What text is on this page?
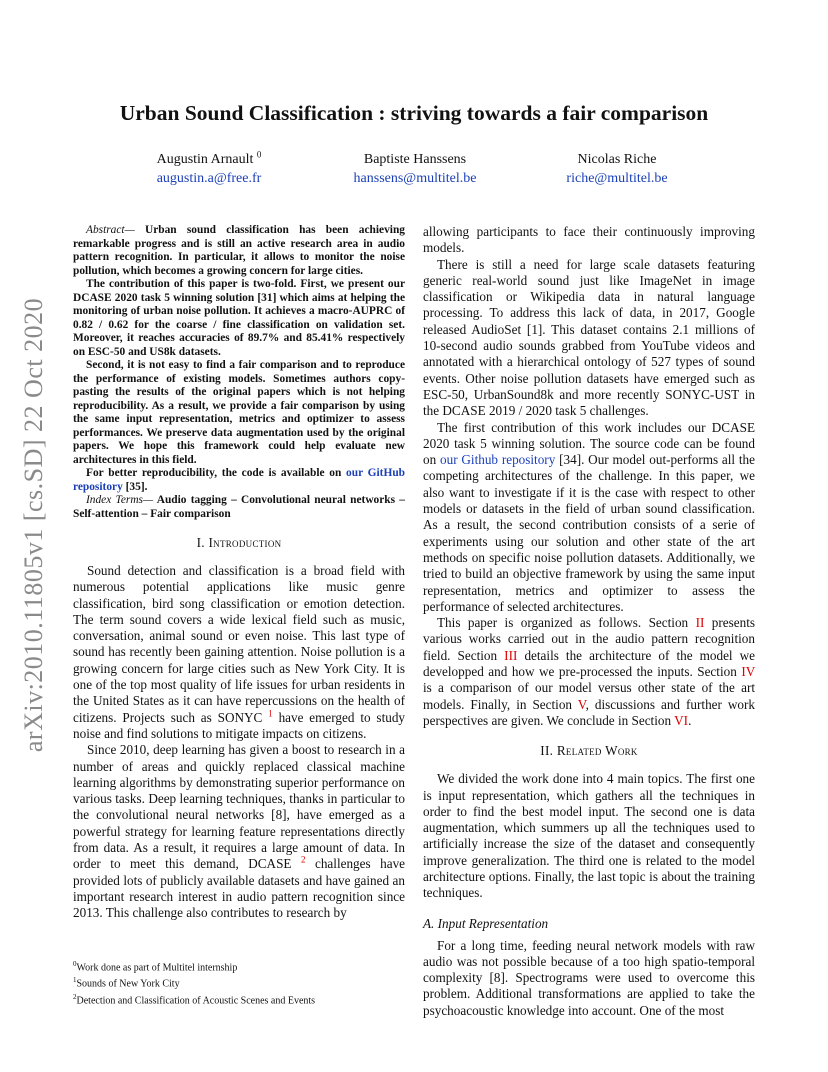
arXiv:2010.11805v1 [cs.SD] 22 Oct 2020
Urban Sound Classification : striving towards a fair comparison
Augustin Arnault $^0$
augustin.a@free.fr
Baptiste Hanssens
hanssens@multitel.be
Nicolas Riche
riche@multitel.be

Abstract— Urban sound classification has been achieving remarkable progress and is still an active research area in audio pattern recognition. In particular, it allows to monitor the noise pollution, which becomes a growing concern for large cities.

The contribution of this paper is two-fold. First, we present our DCASE 2020 task 5 winning solution [31] which aims at helping the monitoring of urban noise pollution. It achieves a macro-AUPRC of 0.82 / 0.62 for the coarse / fine classification on validation set. Moreover, it reaches accuracies of 89.7% and 85.41% respectively on ESC-50 and US8k datasets.

Second, it is not easy to find a fair comparison and to reproduce the performance of existing models. Sometimes authors copy-pasting the results of the original papers which is not helping reproducibility. As a result, we provide a fair comparison by using the same input representation, metrics and optimizer to assess performances. We preserve data augmentation used by the original papers. We hope this framework could help evaluate new architectures in this field.

For better reproducibility, the code is available on our GitHub repository [35].

Index Terms— Audio tagging – Convolutional neural networks – Self-attention – Fair comparison

I. Introduction

Sound detection and classification is a broad field with numerous potential applications like music genre classification, bird song classification or emotion detection. The term sound covers a wide lexical field such as music, conversation, animal sound or even noise. This last type of sound has recently been gaining attention. Noise pollution is a growing concern for large cities such as New York City. It is one of the top most quality of life issues for urban residents in the United States as it can have repercussions on the health of citizens. Projects such as SONYC $^1$ have emerged to study noise and find solutions to mitigate impacts on citizens.

Since 2010, deep learning has given a boost to research in a number of areas and quickly replaced classical machine learning algorithms by demonstrating superior performance on various tasks. Deep learning techniques, thanks in particular to the convolutional neural networks [8], have emerged as a powerful strategy for learning feature representations directly from data. As a result, it requires a large amount of data. In order to meet this demand, DCASE $^2$ challenges have provided lots of publicly available datasets and have gained an important research interest in audio pattern recognition since 2013. This challenge also contributes to research by

allowing participants to face their continuously improving models.

There is still a need for large scale datasets featuring generic real-world sound just like ImageNet in image classification or Wikipedia data in natural language processing. To address this lack of data, in 2017, Google released AudioSet [1]. This dataset contains 2.1 millions of 10-second audio sounds grabbed from YouTube videos and annotated with a hierarchical ontology of 527 types of sound events. Other noise pollution datasets have emerged such as ESC-50, UrbanSound8k and more recently SONYC-UST in the DCASE 2019 / 2020 task 5 challenges.

The first contribution of this work includes our DCASE 2020 task 5 winning solution. The source code can be found on our Github repository [34]. Our model out-performs all the competing architectures of the challenge. In this paper, we also want to investigate if it is the case with respect to other models or datasets in the field of urban sound classification. As a result, the second contribution consists of a serie of experiments using our solution and other state of the art methods on specific noise pollution datasets. Additionally, we tried to build an objective framework by using the same input representation, metrics and optimizer to assess the performance of selected architectures.

This paper is organized as follows. Section II presents various works carried out in the audio pattern recognition field. Section III details the architecture of the model we developped and how we pre-processed the inputs. Section IV is a comparison of our model versus other state of the art models. Finally, in Section V, discussions and further work perspectives are given. We conclude in Section VI.

II. Related Work

We divided the work done into 4 main topics. The first one is input representation, which gathers all the techniques in order to find the best model input. The second one is data augmentation, which summers up all the techniques used to artificially increase the size of the dataset and consequently improve generalization. The third one is related to the model architecture options. Finally, the last topic is about the training techniques.

A. Input Representation

For a long time, feeding neural network models with raw audio was not possible because of a too high spatio-temporal complexity [8]. Spectrograms were used to overcome this problem. Additional transformations are applied to take the psychoacoustic knowledge into account. One of the most

$^0$Work done as part of Multitel internship
$^1$Sounds of New York City
$^2$Detection and Classification of Acoustic Scenes and Events
